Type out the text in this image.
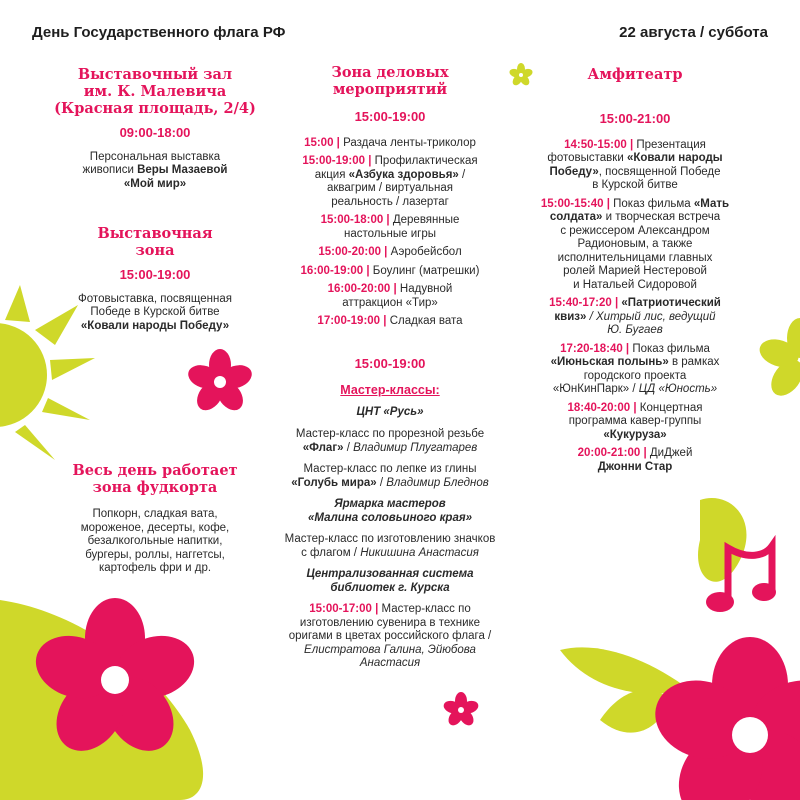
День Государственного флага РФ	22 августа / суббота
Выставочный зал
им. К. Малевича
(Красная площадь, 2/4)
09:00-18:00
Персональная выставка
живописи Веры Мазаевой
«Мой мир»
Выставочная
зона
15:00-19:00
Фотовыставка, посвященная
Победе в Курской битве
«Ковали народы Победу»
Весь день работает
зона фудкорта
Попкорн, сладкая вата,
мороженое, десерты, кофе,
безалкогольные напитки,
бургеры, роллы, наггетсы,
картофель фри и др.
Зона деловых
мероприятий
15:00-19:00
15:00 | Раздача ленты-триколор
15:00-19:00 | Профилактическая
акция «Азбука здоровья» /
аквагрим / виртуальная
реальность / лазертаг
15:00-18:00 | Деревянные
настольные игры
15:00-20:00 | Аэробейсбол
16:00-19:00 | Боулинг (матрешки)
16:00-20:00 | Надувной
аттракцион «Тир»
17:00-19:00 | Сладкая вата
15:00-19:00
Мастер-классы:
ЦНТ «Русь»
Мастер-класс по прорезной резьбе
«Флаг» / Владимир Плугатарев
Мастер-класс по лепке из глины
«Голубь мира» / Владимир Бледнов
Ярмарка мастеров
«Малина соловьиного края»
Мастер-класс по изготовлению значков
с флагом / Никишина Анастасия
Централизованная система
библиотек г. Курска
15:00-17:00 | Мастер-класс по
изготовлению сувенира в технике
оригами в цветах российского флага /
Елистратова Галина, Эйюбова
Анастасия
Амфитеатр
15:00-21:00
14:50-15:00 | Презентация
фотовыставки «Ковали народы
Победу», посвященной Победе
в Курской битве
15:00-15:40 | Показ фильма «Мать
солдата» и творческая встреча
с режиссером Александром
Радионовым, а также
исполнительницами главных
ролей Марией Нестеровой
и Натальей Сидоровой
15:40-17:20 | «Патриотический
квиз» / Хитрый лис, ведущий
Ю. Бугаев
17:20-18:40 | Показ фильма
«Июньская полынь» в рамках
городского проекта
«ЮнКинПарк» / ЦД «Юность»
18:40-20:00 | Концертная
программа кавер-группы
«Кукуруза»
20:00-21:00 | ДиДжей
Джонни Стар
